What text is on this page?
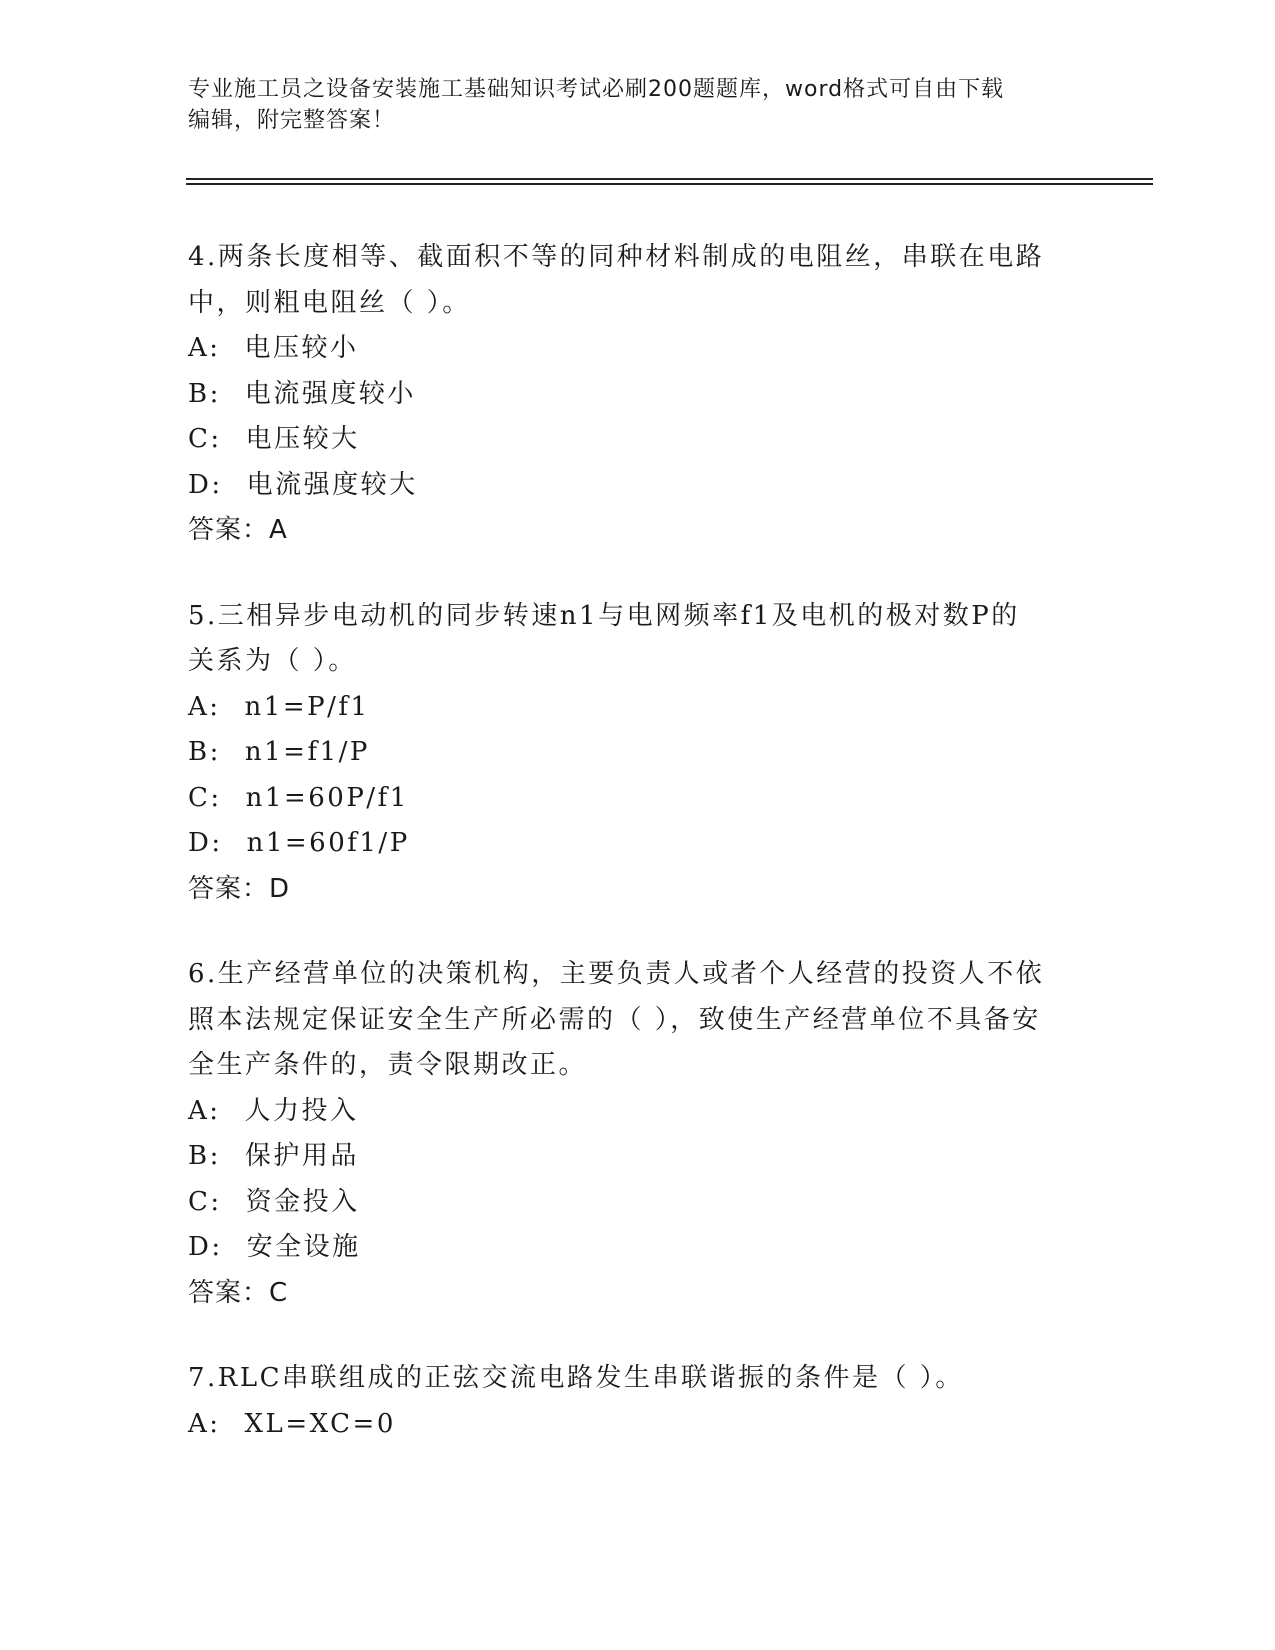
专业施工员之设备安装施工基础知识考试必刷200题题库，word格式可自由下载
编辑，附完整答案！

4.两条长度相等、截面积不等的同种材料制成的电阻丝，串联在电路

中，则粗电阻丝（ ）。

A: 电压较小

B: 电流强度较小

C: 电压较大

D: 电流强度较大

答案：A

5.三相异步电动机的同步转速n1与电网频率f1及电机的极对数P的

关系为（ ）。

A: n1=P/f1

B: n1=f1/P

C: n1=60P/f1

D: n1=60f1/P

答案：D

6.生产经营单位的决策机构，主要负责人或者个人经营的投资人不依

照本法规定保证安全生产所必需的（ ），致使生产经营单位不具备安

全生产条件的，责令限期改正。

A: 人力投入

B: 保护用品

C: 资金投入

D: 安全设施

答案：C

7.RLC串联组成的正弦交流电路发生串联谐振的条件是（ ）。

A: XL=XC=0
